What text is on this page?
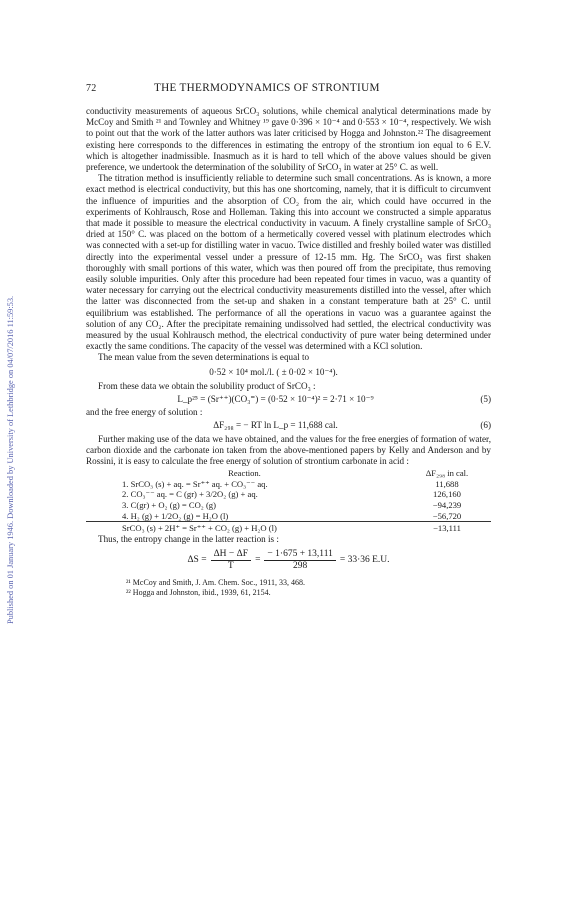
Published on 01 January 1946. Downloaded by University of Lethbridge on 04/07/2016 11:59:53.
72	THE THERMODYNAMICS OF STRONTIUM

conductivity measurements of aqueous SrCO₃ solutions, while chemical analytical determinations made by McCoy and Smith ²¹ and Townley and Whitney ¹⁹ gave 0·396 × 10⁻⁴ and 0·553 × 10⁻⁴, respectively. We wish to point out that the work of the latter authors was later criticised by Hogga and Johnston.²² The disagreement existing here corresponds to the differences in estimating the entropy of the strontium ion equal to 6 E.V. which is altogether inadmissible. Inasmuch as it is hard to tell which of the above values should be given preference, we undertook the determination of the solubility of SrCO₃ in water at 25° C. as well.

The titration method is insufficiently reliable to determine such small concentrations. As is known, a more exact method is electrical conductivity, but this has one shortcoming, namely, that it is difficult to circumvent the influence of impurities and the absorption of CO₂ from the air, which could have occurred in the experiments of Kohlrausch, Rose and Holleman. Taking this into account we constructed a simple apparatus that made it possible to measure the electrical conductivity in vacuum. A finely crystalline sample of SrCO₃ dried at 150° C. was placed on the bottom of a hermetically covered vessel with platinum electrodes which was connected with a set-up for distilling water in vacuo. Twice distilled and freshly boiled water was distilled directly into the experimental vessel under a pressure of 12-15 mm. Hg. The SrCO₃ was first shaken thoroughly with small portions of this water, which was then poured off from the precipitate, thus removing easily soluble impurities. Only after this procedure had been repeated four times in vacuo, was a quantity of water necessary for carrying out the electrical conductivity measurements distilled into the vessel, after which the latter was disconnected from the set-up and shaken in a constant temperature bath at 25° C. until equilibrium was established. The performance of all the operations in vacuo was a guarantee against the solution of any CO₂. After the precipitate remaining undissolved had settled, the electrical conductivity was measured by the usual Kohlrausch method, the electrical conductivity of pure water being determined under exactly the same conditions. The capacity of the vessel was determined with a KCl solution.

The mean value from the seven determinations is equal to

0·52 × 10⁴ mol./l. ( ± 0·02 × 10⁻⁴).

From these data we obtain the solubility product of SrCO₃ :

L_p²⁵ = (Sr⁺⁺)(CO₃⁼) = (0·52 × 10⁻⁴)² = 2·71 × 10⁻⁹	(5)

and the free energy of solution :

ΔF₂₉₈ = − RT ln L_p = 11,688 cal.	(6)

Further making use of the data we have obtained, and the values for the free energies of formation of water, carbon dioxide and the carbonate ion taken from the above-mentioned papers by Kelly and Anderson and by Rossini, it is easy to calculate the free energy of solution of strontium carbonate in acid :

Reaction.	ΔF₂₉₈ in cal.
1. SrCO₃ (s) + aq. = Sr⁺⁺ aq. + CO₃⁻⁻ aq.	11,688
2. CO₃⁻⁻ aq. = C (gr) + 3/2O₂ (g) + aq.	126,160
3. C(gr) + O₂ (g) = CO₂ (g)	−94,239
4. H₂ (g) + 1/2O₂ (g) = H₂O (l)	−56,720
SrCO₃ (s) + 2H⁺ = Sr⁺⁺ + CO₂ (g) + H₂O (l)	−13,111

Thus, the entropy change in the latter reaction is :

$\Delta S = \frac{\Delta H - \Delta F}{T} = \frac{- 1\cdot 675 + 13,111}{298} = 33\cdot 36$ E.U.
²¹ McCoy and Smith, J. Am. Chem. Soc., 1911, 33, 468.
²² Hogga and Johnston, ibid., 1939, 61, 2154.
